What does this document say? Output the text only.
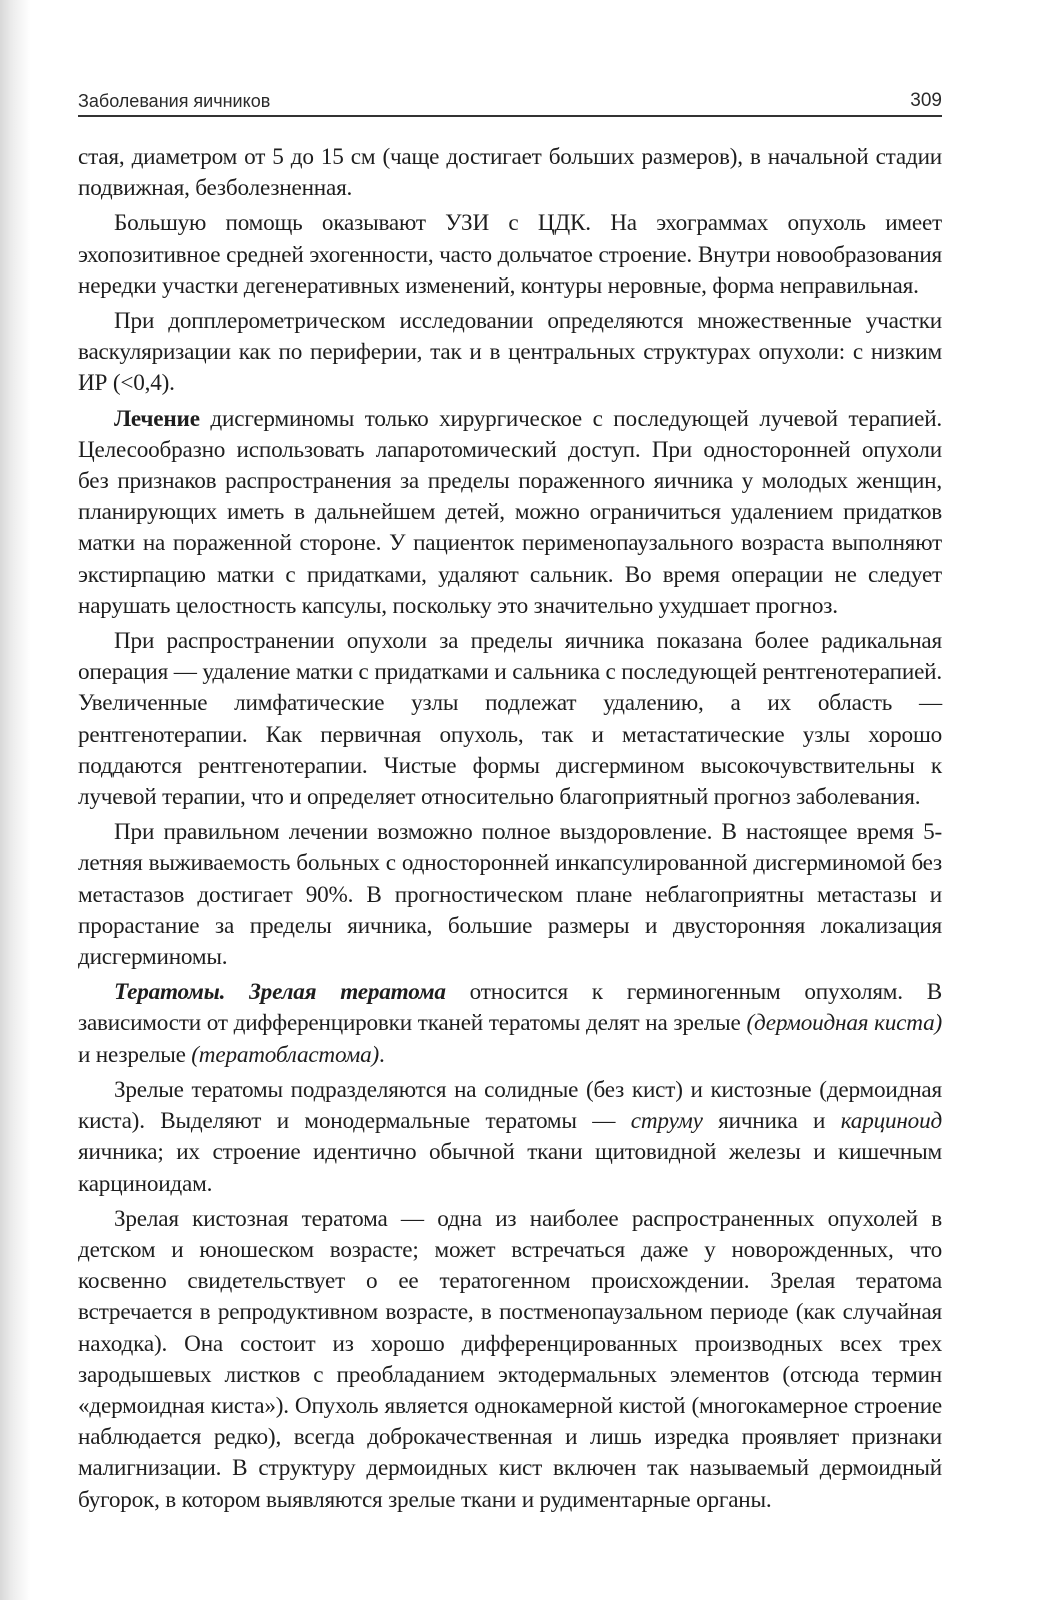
Заболевания яичников	309

стая, диаметром от 5 до 15 см (чаще достигает больших размеров), в начальной стадии подвижная, безболезненная.

Большую помощь оказывают УЗИ с ЦДК. На эхограммах опухоль имеет эхопозитивное средней эхогенности, часто дольчатое строение. Внутри новообразования нередки участки дегенеративных изменений, контуры неровные, форма неправильная.

При допплерометрическом исследовании определяются множественные участки васкуляризации как по периферии, так и в центральных структурах опухоли: с низким ИР (<0,4).

Лечение дисгерминомы только хирургическое с последующей лучевой терапией. Целесообразно использовать лапаротомический доступ. При односторонней опухоли без признаков распространения за пределы пораженного яичника у молодых женщин, планирующих иметь в дальнейшем детей, можно ограничиться удалением придатков матки на пораженной стороне. У пациенток перименопаузального возраста выполняют экстирпацию матки с придатками, удаляют сальник. Во время операции не следует нарушать целостность капсулы, поскольку это значительно ухудшает прогноз.

При распространении опухоли за пределы яичника показана более радикальная операция — удаление матки с придатками и сальника с последующей рентгенотерапией. Увеличенные лимфатические узлы подлежат удалению, а их область — рентгенотерапии. Как первичная опухоль, так и метастатические узлы хорошо поддаются рентгенотерапии. Чистые формы дисгермином высокочувствительны к лучевой терапии, что и определяет относительно благоприятный прогноз заболевания.

При правильном лечении возможно полное выздоровление. В настоящее время 5-летняя выживаемость больных с односторонней инкапсулированной дисгерминомой без метастазов достигает 90%. В прогностическом плане неблагоприятны метастазы и прорастание за пределы яичника, большие размеры и двусторонняя локализация дисгерминомы.

Тератомы. Зрелая тератома относится к герминогенным опухолям. В зависимости от дифференцировки тканей тератомы делят на зрелые (дермоидная киста) и незрелые (тератобластома).

Зрелые тератомы подразделяются на солидные (без кист) и кистозные (дермоидная киста). Выделяют и монодермальные тератомы — струму яичника и карциноид яичника; их строение идентично обычной ткани щитовидной железы и кишечным карциноидам.

Зрелая кистозная тератома — одна из наиболее распространенных опухолей в детском и юношеском возрасте; может встречаться даже у новорожденных, что косвенно свидетельствует о ее тератогенном происхождении. Зрелая тератома встречается в репродуктивном возрасте, в постменопаузальном периоде (как случайная находка). Она состоит из хорошо дифференцированных производных всех трех зародышевых листков с преобладанием эктодермальных элементов (отсюда термин «дермоидная киста»). Опухоль является однокамерной кистой (многокамерное строение наблюдается редко), всегда доброкачественная и лишь изредка проявляет признаки малигнизации. В структуру дермоидных кист включен так называемый дермоидный бугорок, в котором выявляются зрелые ткани и рудиментарные органы.
